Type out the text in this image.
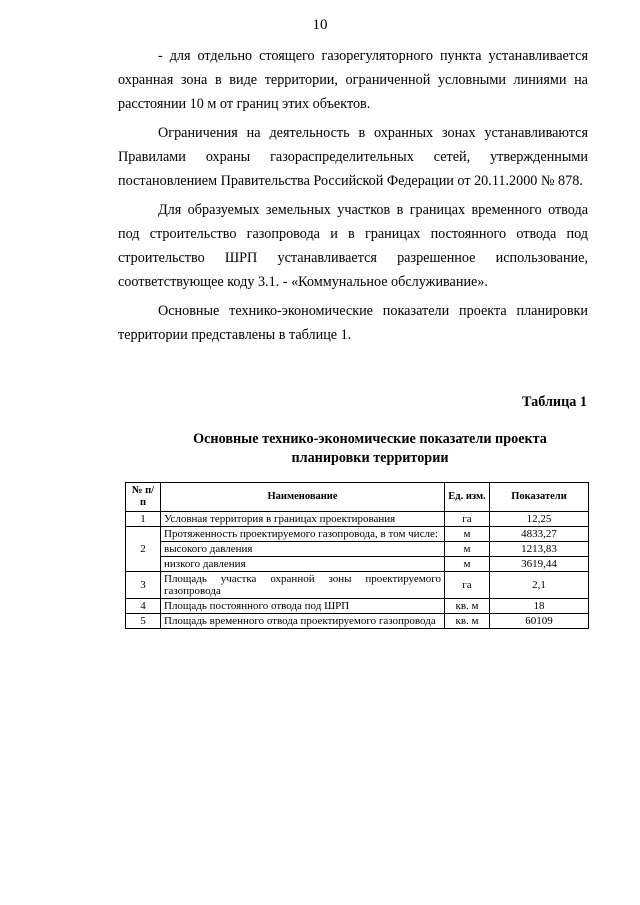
10

- для отдельно стоящего газорегуляторного пункта устанавливается охранная зона в виде территории, ограниченной условными линиями на расстоянии 10 м от границ этих объектов.

Ограничения на деятельность в охранных зонах устанавливаются Правилами охраны газораспределительных сетей, утвержденными постановлением Правительства Российской Федерации от 20.11.2000 № 878.

Для образуемых земельных участков в границах временного отвода под строительство газопровода и в границах постоянного отвода под строительство ШРП устанавливается разрешенное использование, соответствующее коду 3.1. - «Коммунальное обслуживание».

Основные технико-экономические показатели проекта планировки территории представлены в таблице 1.

Таблица 1
Основные технико-экономические показатели проекта планировки территории
№ п/п	Наименование	Ед. изм.	Показатели
1	Условная территория в границах проектирования	га	12,25
2	Протяженность проектируемого газопровода, в том числе:	м	4833,27
	высокого давления	м	1213,83
	низкого давления	м	3619,44
3	Площадь участка охранной зоны проектируемого газопровода	га	2,1
4	Площадь постоянного отвода под ШРП	кв. м	18
5	Площадь временного отвода проектируемого газопровода	кв. м	60109
